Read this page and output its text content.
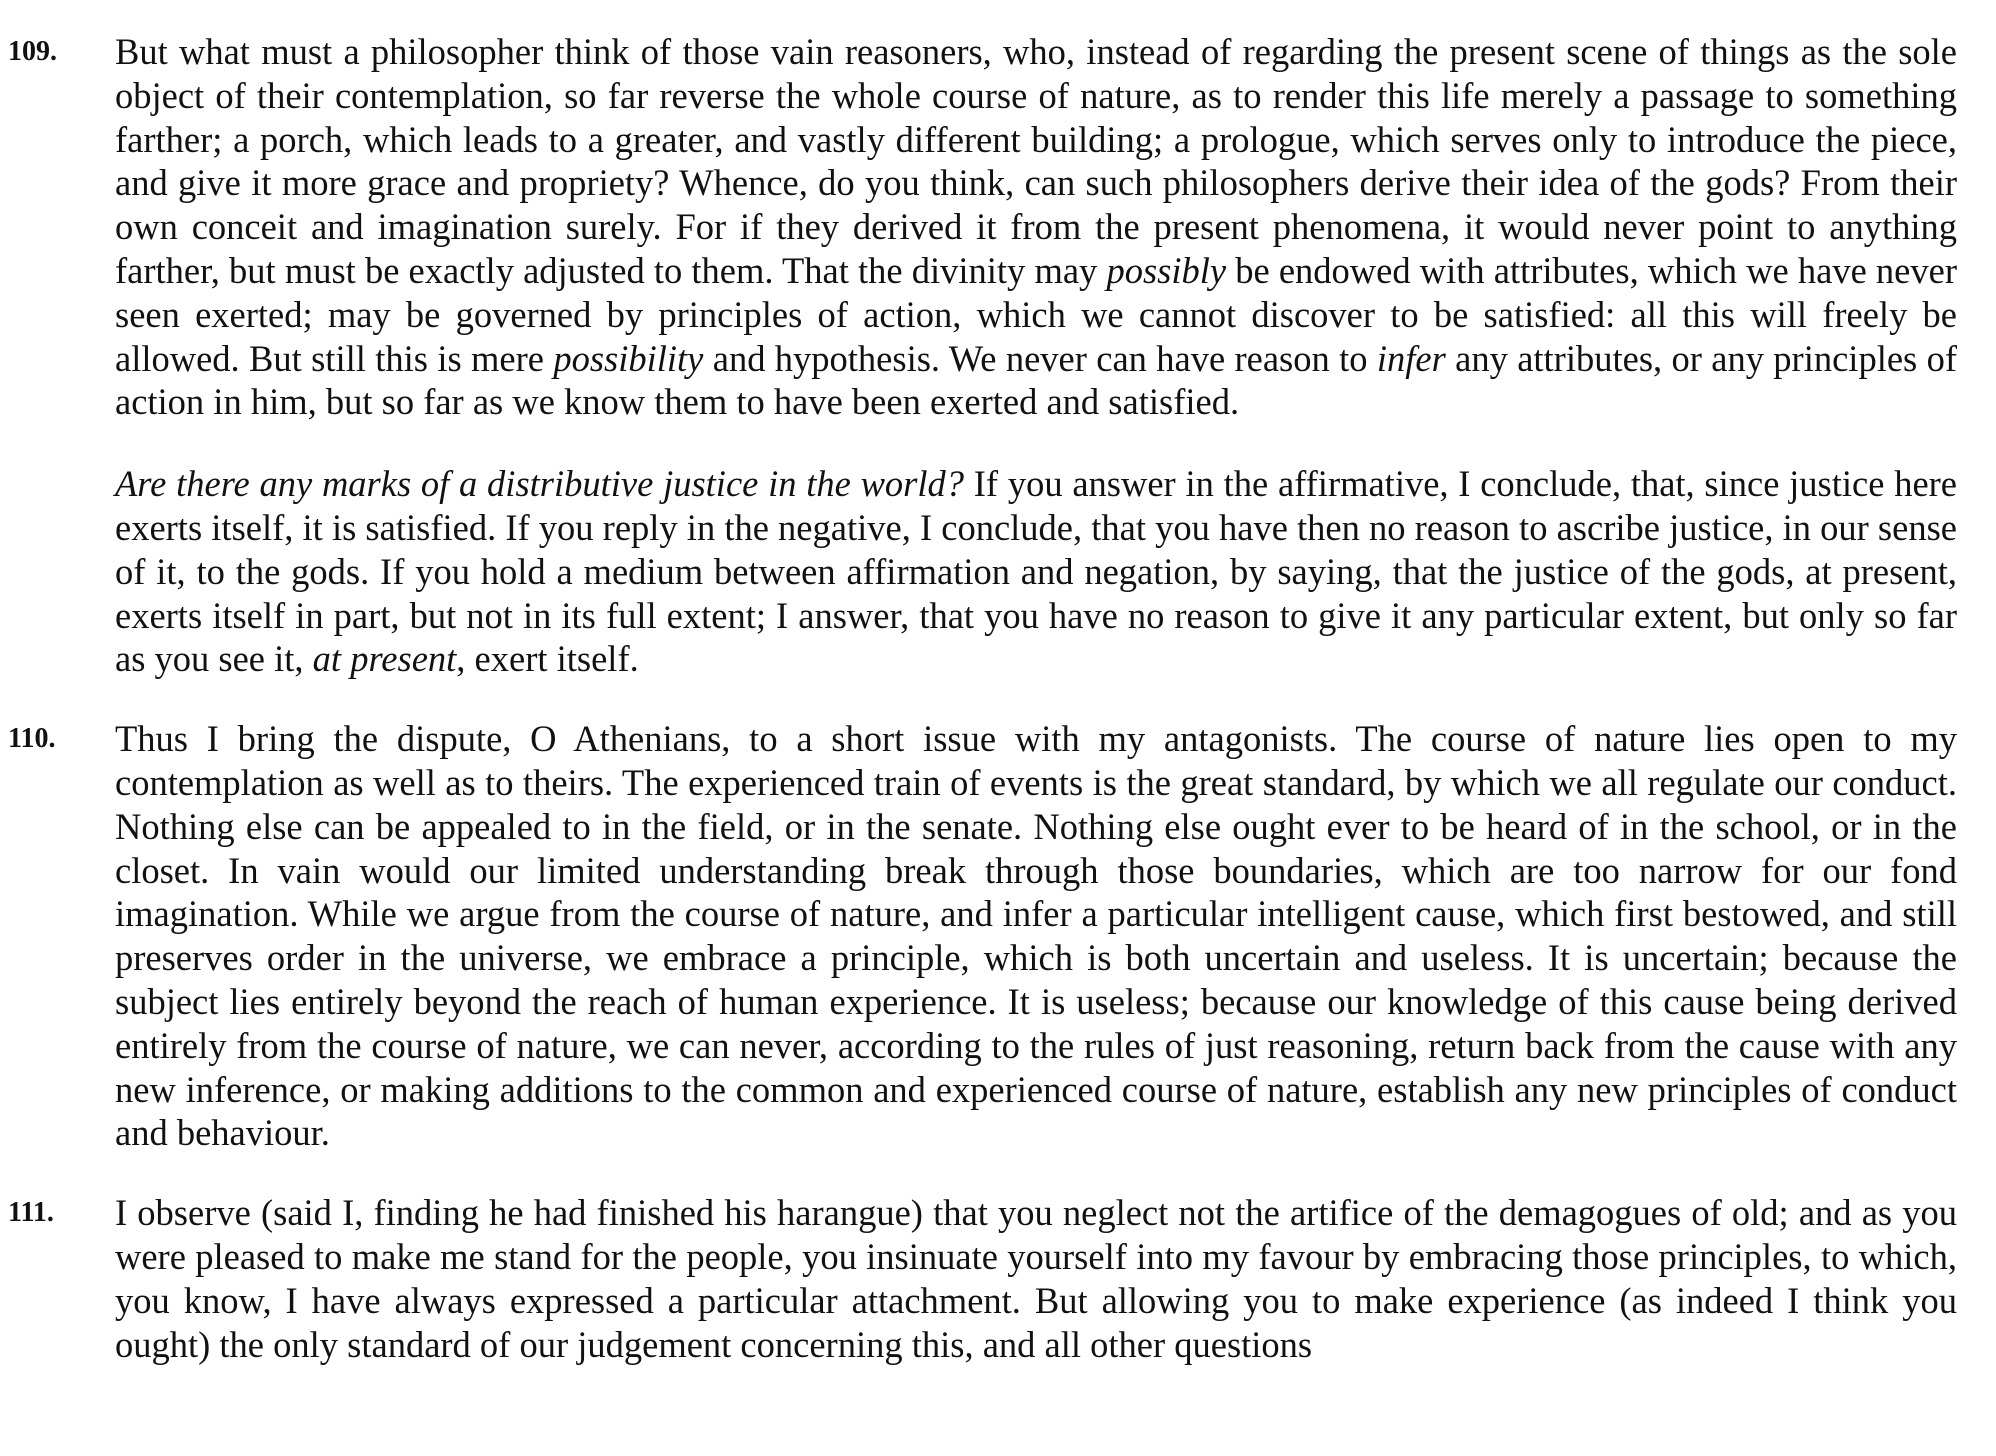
109. But what must a philosopher think of those vain reasoners, who, instead of regarding the present scene of things as the sole object of their contemplation, so far reverse the whole course of nature, as to render this life merely a passage to something farther; a porch, which leads to a greater, and vastly different building; a prologue, which serves only to introduce the piece, and give it more grace and propriety? Whence, do you think, can such philosophers derive their idea of the gods? From their own conceit and imagination surely. For if they derived it from the present phenomena, it would never point to anything farther, but must be exactly adjusted to them. That the divinity may possibly be endowed with attributes, which we have never seen exerted; may be governed by principles of action, which we cannot discover to be satisfied: all this will freely be allowed. But still this is mere possibility and hypothesis. We never can have reason to infer any attributes, or any principles of action in him, but so far as we know them to have been exerted and satisfied.
Are there any marks of a distributive justice in the world? If you answer in the affirmative, I conclude, that, since justice here exerts itself, it is satisfied. If you reply in the negative, I conclude, that you have then no reason to ascribe justice, in our sense of it, to the gods. If you hold a medium between affirmation and negation, by saying, that the justice of the gods, at present, exerts itself in part, but not in its full extent; I answer, that you have no reason to give it any particular extent, but only so far as you see it, at present, exert itself.
110. Thus I bring the dispute, O Athenians, to a short issue with my antagonists. The course of nature lies open to my contemplation as well as to theirs. The experienced train of events is the great standard, by which we all regulate our conduct. Nothing else can be appealed to in the field, or in the senate. Nothing else ought ever to be heard of in the school, or in the closet. In vain would our limited understanding break through those boundaries, which are too narrow for our fond imagination. While we argue from the course of nature, and infer a particular intelligent cause, which first bestowed, and still preserves order in the universe, we embrace a principle, which is both uncertain and useless. It is uncertain; because the subject lies entirely beyond the reach of human experience. It is useless; because our knowledge of this cause being derived entirely from the course of nature, we can never, according to the rules of just reasoning, return back from the cause with any new inference, or making additions to the common and experienced course of nature, establish any new principles of conduct and behaviour.
111. I observe (said I, finding he had finished his harangue) that you neglect not the artifice of the demagogues of old; and as you were pleased to make me stand for the people, you insinuate yourself into my favour by embracing those principles, to which, you know, I have always expressed a particular attachment. But allowing you to make experience (as indeed I think you ought) the only standard of our judgement concerning this, and all other questions
